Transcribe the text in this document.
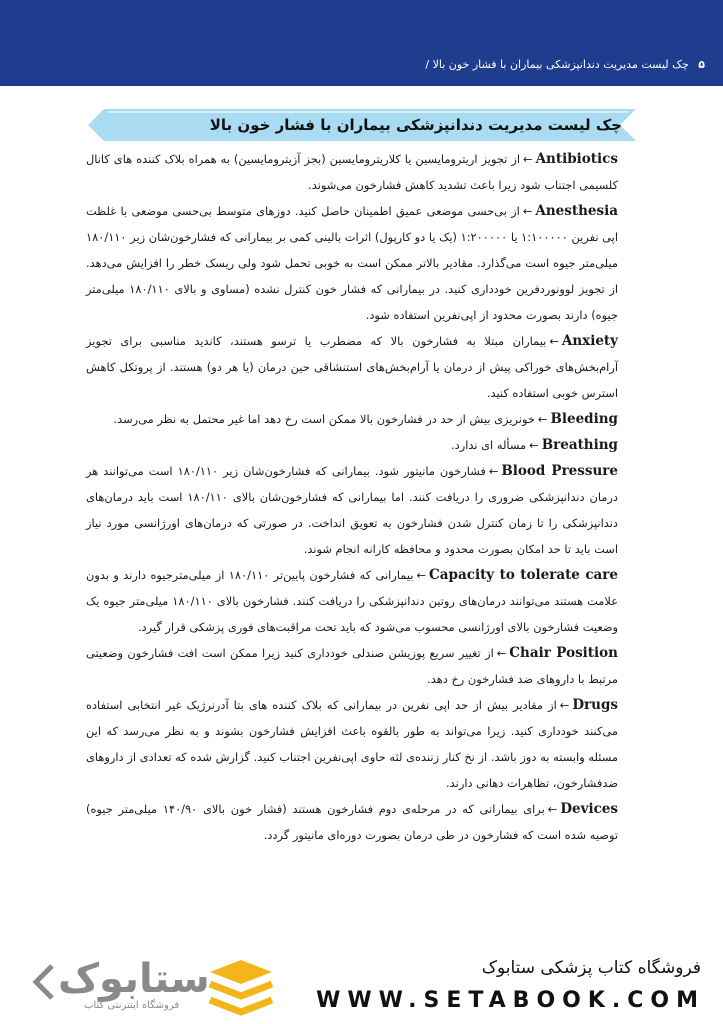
۵ چک لیست مدیریت دندانپزشکی بیماران با فشار خون بالا /
چک لیست مدیریت دندانپزشکی بیماران با فشار خون بالا

Antibiotics←از تجویز اریترومایسین یا کلاریترومایسین (بجز آزیترومایسین) به همراه بلاک کننده های کانال کلسیمی اجتناب شود زیرا باعث تشدید کاهش فشارخون می‌شوند.

Anesthesia←از بی‌حسی موضعی عمیق اطمینان حاصل کنید. دوزهای متوسط بی‌حسی موضعی با غلظت اپی نفرین ۱:۱۰۰۰۰۰ یا ۱:۲۰۰۰۰۰ (یک یا دو کارپول) اثرات بالینی کمی بر بیمارانی که فشارخون‌شان زیر ۱۸۰/۱۱۰ میلی‌متر جیوه است می‌گذارد. مقادیر بالاتر ممکن است به خوبی تحمل شود ولی ریسک خطر را افزایش می‌دهد. از تجویز لوونوردفرین خودداری کنید. در بیمارانی که فشار خون کنترل نشده (مساوی و بالای ۱۸۰/۱۱۰ میلی‌متر جیوه) دارند بصورت محدود از اپی‌نفرین استفاده شود.

Anxiety←بیماران مبتلا به فشارخون بالا که مضطرب یا ترسو هستند، کاندید مناسبی برای تجویز آرام‌بخش‌های خوراکی پیش از درمان یا آرام‌بخش‌های استنشاقی حین درمان (یا هر دو) هستند. از پروتکل کاهش استرس خوبی استفاده کنید.

Bleeding←خونریزی بیش از حد در فشارخون بالا ممکن است رخ دهد اما غیر محتمل به نظر می‌رسد.

Breathing←مسأله ای ندارد.

Blood Pressure←فشارخون مانیتور شود. بیمارانی که فشارخون‌شان زیر ۱۸۰/۱۱۰ است می‌توانند هر درمان دندانپزشکی ضروری را دریافت کنند. اما بیمارانی که فشارخون‌شان بالای ۱۸۰/۱۱۰ است باید درمان‌های دندانپزشکی را تا زمان کنترل شدن فشارخون به تعویق انداخت. در صورتی که درمان‌های اورژانسی مورد نیاز است باید تا حد امکان بصورت محدود و محافظه کارانه انجام شوند.

Capacity to tolerate care←بیمارانی که فشارخون پایین‌تر ۱۸۰/۱۱۰ از میلی‌مترجیوه دارند و بدون علامت هستند می‌توانند درمان‌های روتین دندانپزشکی را دریافت کنند. فشارخون بالای ۱۸۰/۱۱۰ میلی‌متر جیوه یک وضعیت فشارخون بالای اورژانسی محسوب می‌شود که باید تحت مراقبت‌های فوری پزشکی قرار گیرد.

Chair Position←از تغییر سریع پوزیشن صندلی خودداری کنید زیرا ممکن است افت فشارخون وضعیتی مرتبط با داروهای ضد فشارخون رخ دهد.

Drugs←از مقادیر بیش از حد اپی نفرین در بیمارانی که بلاک کننده های بتا آدرنرژیک غیر انتخابی استفاده می‌کنند خودداری کنید. زیرا می‌تواند به طور بالقوه باعث افزایش فشارخون بشوند و به نظر می‌رسد که این مسئله وابسته به دوز باشد. از نخ کنار زننده‌ی لثه حاوی اپی‌نفرین اجتناب کنید. گزارش شده که تعدادی از داروهای ضدفشارخون، تظاهرات دهانی دارند.

Devices←برای بیمارانی که در مرحله‌ی دوم فشارخون هستند (فشار خون بالای ۱۴۰/۹۰ میلی‌متر جیوه) توصیه شده است که فشارخون در طی درمان بصورت دوره‌ای مانیتور گردد.

ستابوک
فروشگاه اینترنتی کتاب
فروشگاه کتاب پزشکی ستابوک
WWW.SETABOOK.COM
